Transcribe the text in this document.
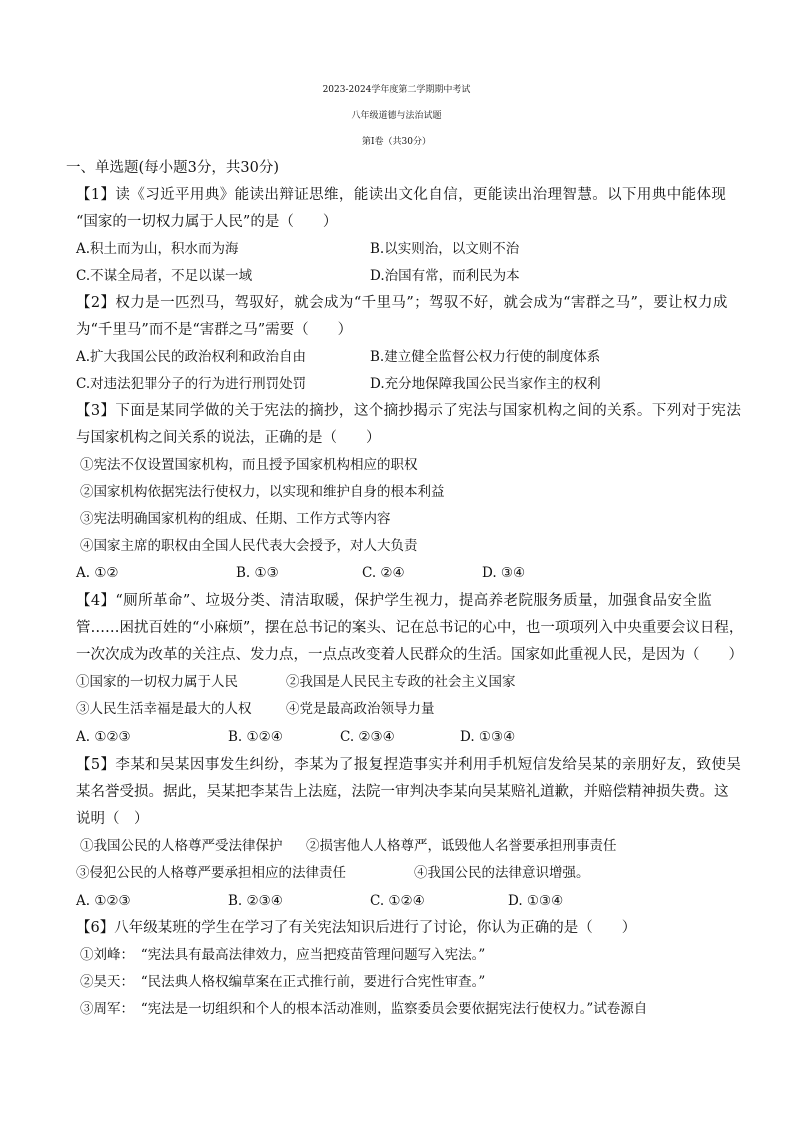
2023-2024学年度第二学期期中考试
八年级道德与法治试题
第Ⅰ卷（共30分）
一、单选题(每小题3分，共30分)
【1】读《习近平用典》能读出辩证思维，能读出文化自信，更能读出治理智慧。以下用典中能体现
“国家的一切权力属于人民”的是（　　）
A.积土而为山，积水而为海	B.以实则治，以文则不治
C.不谋全局者，不足以谋一域	D.治国有常，而利民为本
【2】权力是一匹烈马，驾驭好，就会成为“千里马”；驾驭不好，就会成为“害群之马”，要让权力成
为“千里马”而不是“害群之马”需要（　　）
A.扩大我国公民的政治权利和政治自由	B.建立健全监督公权力行使的制度体系
C.对违法犯罪分子的行为进行刑罚处罚	D.充分地保障我国公民当家作主的权利
【3】下面是某同学做的关于宪法的摘抄，这个摘抄揭示了宪法与国家机构之间的关系。下列对于宪法
与国家机构之间关系的说法，正确的是（　　）
①宪法不仅设置国家机构，而且授予国家机构相应的职权
②国家机构依据宪法行使权力，以实现和维护自身的根本利益
③宪法明确国家机构的组成、任期、工作方式等内容
④国家主席的职权由全国人民代表大会授予，对人大负责
A. ①②	B. ①③	C. ②④	D. ③④
【4】“厕所革命”、垃圾分类、清洁取暖，保护学生视力，提高养老院服务质量，加强食品安全监
管……困扰百姓的“小麻烦”，摆在总书记的案头、记在总书记的心中，也一项项列入中央重要会议日程，
一次次成为改革的关注点、发力点，一点点改变着人民群众的生活。国家如此重视人民，是因为（　　）
①国家的一切权力属于人民	②我国是人民民主专政的社会主义国家
③人民生活幸福是最大的人权	④党是最高政治领导力量
A. ①②③	B. ①②④	C. ②③④	D. ①③④
【5】李某和吴某因事发生纠纷，李某为了报复捏造事实并利用手机短信发给吴某的亲朋好友，致使吴
某名誉受损。据此，吴某把李某告上法庭，法院一审判决李某向吴某赔礼道歉，并赔偿精神损失费。这
说明（　）
①我国公民的人格尊严受法律保护 ②损害他人人格尊严，诋毁他人名誉要承担刑事责任
③侵犯公民的人格尊严要承担相应的法律责任	④我国公民的法律意识增强。
A. ①②③	B. ②③④	C. ①②④	D. ①③④
【6】八年级某班的学生在学习了有关宪法知识后进行了讨论，你认为正确的是（　　）
①刘峰：　“宪法具有最高法律效力，应当把疫苗管理问题写入宪法。”
②昊天：　“民法典人格权编草案在正式推行前，要进行合宪性审查。”
③周军：　“宪法是一切组织和个人的根本活动准则，监察委员会要依据宪法行使权力。”试卷源自
